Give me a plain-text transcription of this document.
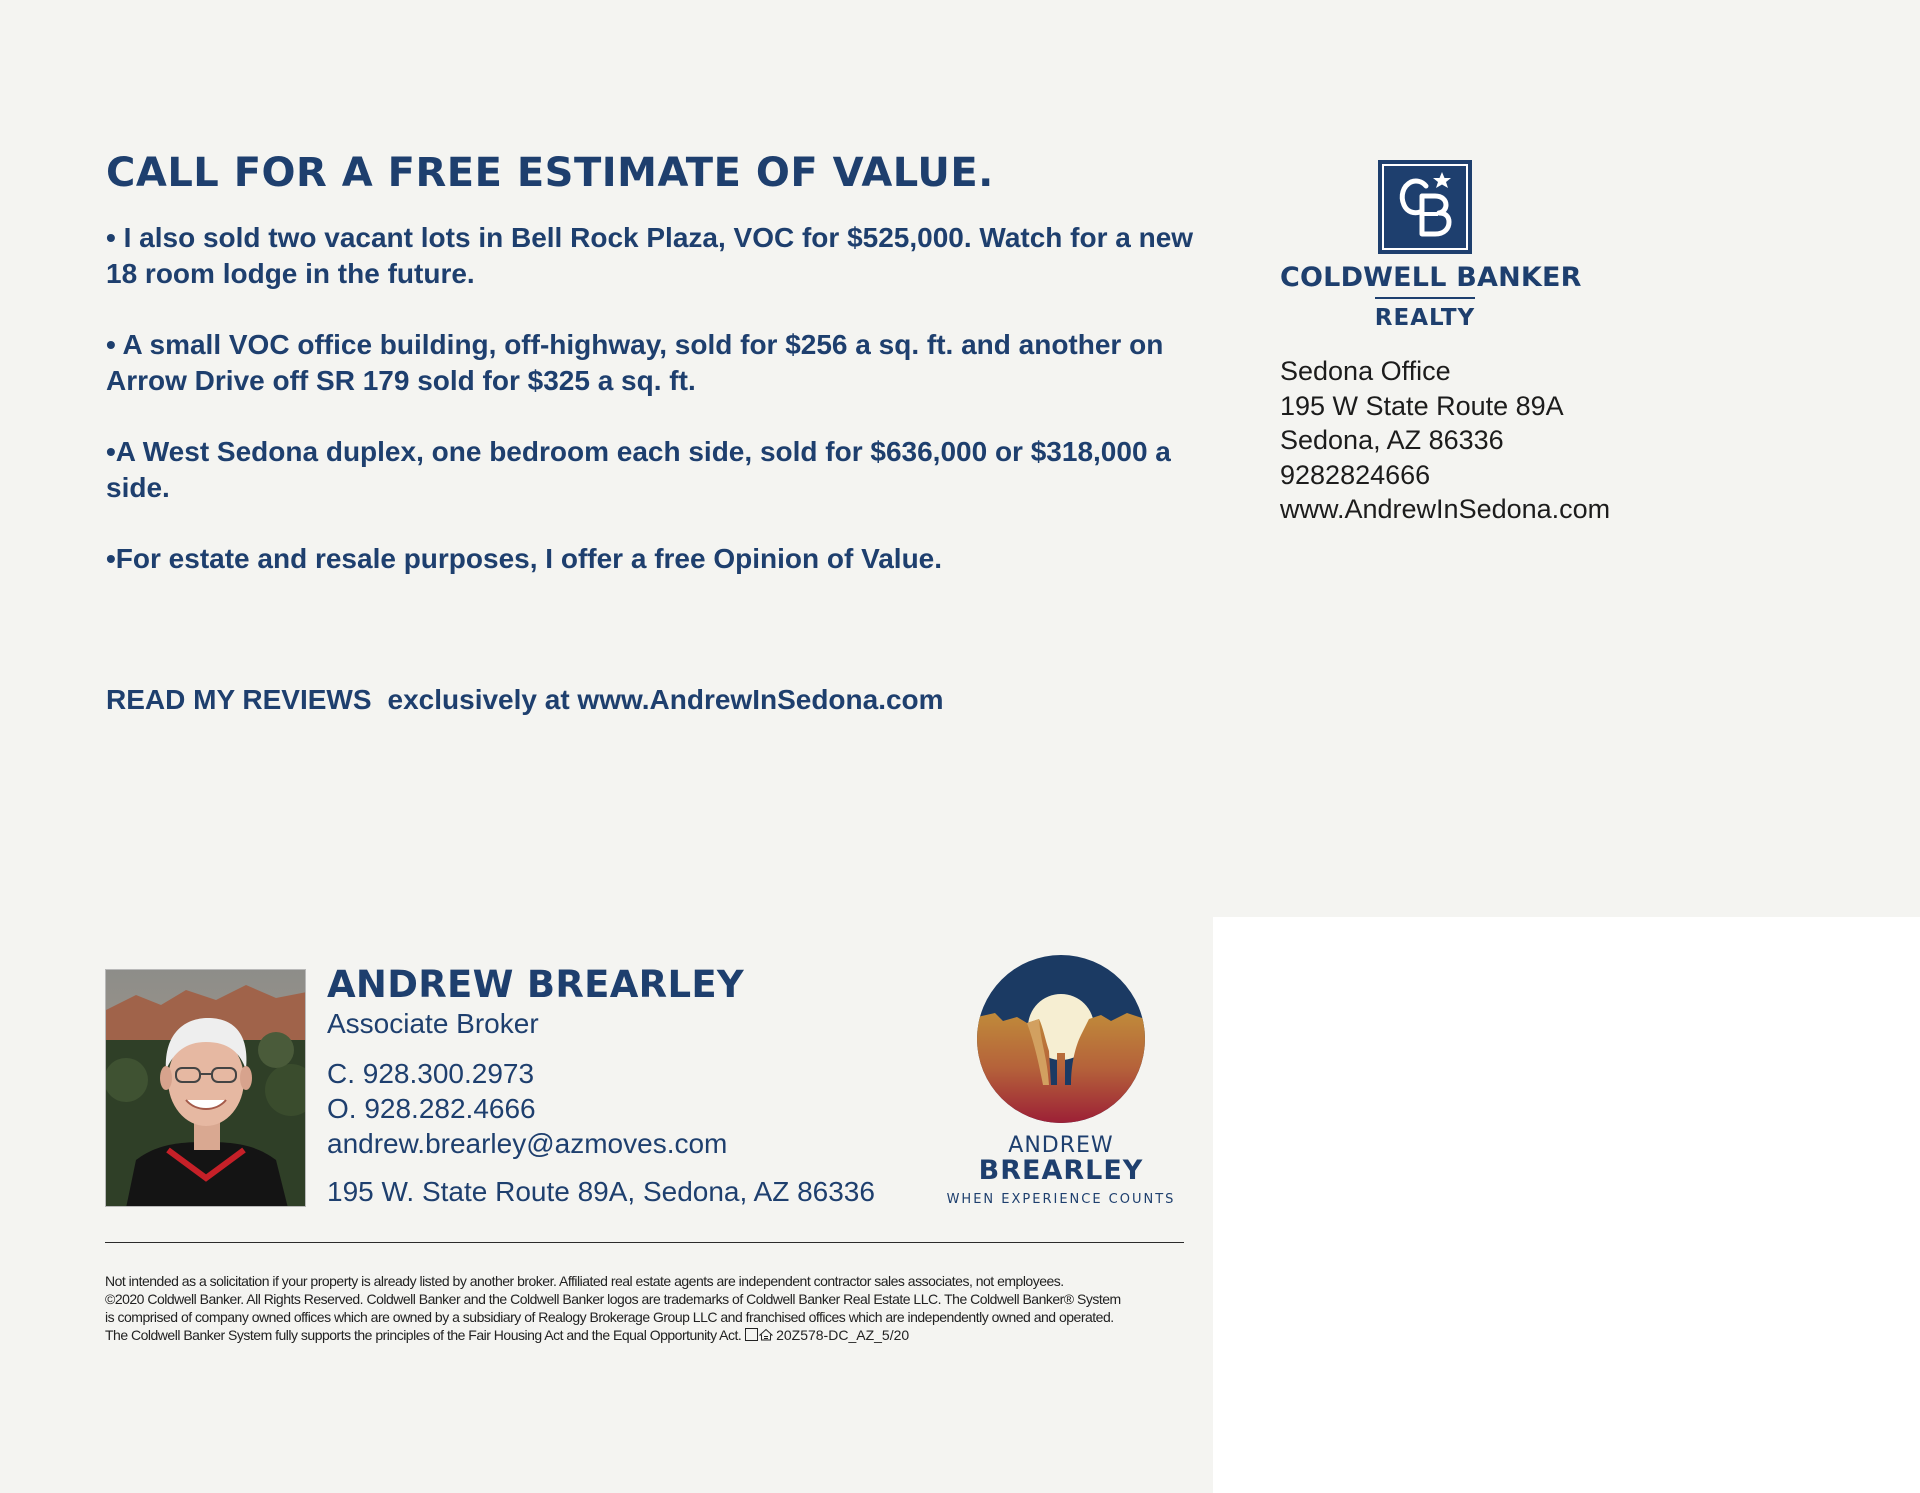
CALL FOR A FREE ESTIMATE OF VALUE.

• I also sold two vacant lots in Bell Rock Plaza, VOC for $525,000. Watch for a new 18 room lodge in the future.

• A small VOC office building, off-highway, sold for $256 a sq. ft. and another on Arrow Drive off SR 179 sold for $325 a sq. ft.

•A West Sedona duplex, one bedroom each side, sold for $636,000 or $318,000 a side.

•For estate and resale purposes, I offer a free Opinion of Value.

READ MY REVIEWS exclusively at www.AndrewInSedona.com
COLDWELL BANKER
REALTY
Sedona Office
195 W State Route 89A
Sedona, AZ 86336
9282824666
www.AndrewInSedona.com
ANDREW BREARLEY
Associate Broker
C. 928.300.2973
O. 928.282.4666
andrew.brearley@azmoves.com
195 W. State Route 89A, Sedona, AZ 86336
ANDREW
BREARLEY
WHEN EXPERIENCE COUNTS

Not intended as a solicitation if your property is already listed by another broker. Affiliated real estate agents are independent contractor sales associates, not employees.

©2020 Coldwell Banker. All Rights Reserved. Coldwell Banker and the Coldwell Banker logos are trademarks of Coldwell Banker Real Estate LLC. The Coldwell Banker® System

is comprised of company owned offices which are owned by a subsidiary of Realogy Brokerage Group LLC and franchised offices which are independently owned and operated.

The Coldwell Banker System fully supports the principles of the Fair Housing Act and the Equal Opportunity Act. 20Z578-DC_AZ_5/20
